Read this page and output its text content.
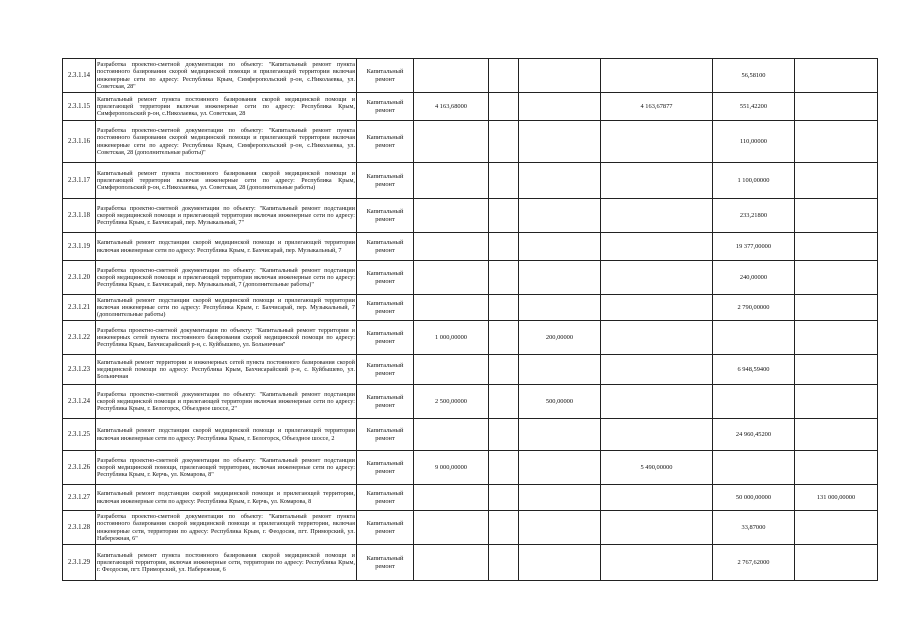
2.3.1.14	Разработка проектно-сметной документации по объекту: "Капитальный ремонт пункта постоянного базирования скорой медицинской помощи и прилегающей территории включая инженерные сети по адресу: Республика Крым, Симферопольский р-он, с.Николаевка, ул. Советская, 28"	Капитальный ремонт					56,58100	
2.3.1.15	Капитальный ремонт пункта постоянного базирования скорой медицинской помощи и прилегающей территории включая инженерные сети по адресу: Республика Крым, Симферопольский р-он, с.Николаевка, ул. Советская, 28	Капитальный ремонт	4 163,68000			4 163,67877	551,42200	
2.3.1.16	Разработка проектно-сметной документации по объекту: "Капитальный ремонт пункта постоянного базирования скорой медицинской помощи и прилегающей территории включая инженерные сети по адресу: Республика Крым, Симферопольский р-он, с.Николаевка, ул. Советская, 28 (дополнительные работы)"	Капитальный ремонт					110,00000	
2.3.1.17	Капитальный ремонт пункта постоянного базирования скорой медицинской помощи и прилегающей территории включая инженерные сети по адресу: Республика Крым, Симферопольский р-он, с.Николаевка, ул. Советская, 28 (дополнительные работы)	Капитальный ремонт					1 100,00000	
2.3.1.18	Разработка проектно-сметной документации по объекту: "Капитальный ремонт подстанции скорой медицинской помощи и прилегающей территории включая инженерные сети по адресу: Республика Крым, г. Бахчисарай, пер. Музыкальный, 7"	Капитальный ремонт					233,21800	
2.3.1.19	Капитальный ремонт подстанции скорой медицинской помощи и прилегающей территории включая инженерные сети по адресу: Республика Крым, г. Бахчисарай, пер. Музыкальный, 7	Капитальный ремонт					19 377,00000	
2.3.1.20	Разработка проектно-сметной документации по объекту: "Капитальный ремонт подстанции скорой медицинской помощи и прилегающей территории включая инженерные сети по адресу: Республика Крым, г. Бахчисарай, пер. Музыкальный, 7 (дополнительные работы)"	Капитальный ремонт					240,00000	
2.3.1.21	Капитальный ремонт подстанции скорой медицинской помощи и прилегающей территории включая инженерные сети по адресу: Республика Крым, г. Бахчисарай, пер. Музыкальный, 7 (дополнительные работы)	Капитальный ремонт					2 790,00000	
2.3.1.22	Разработка проектно-сметной документации по объекту: "Капитальный ремонт территории и инженерных сетей пункта постоянного базирования скорой медицинской помощи по адресу: Республика Крым, Бахчисарайский р-н, с. Куйбышево, ул. Больничная"	Капитальный ремонт	1 000,00000		200,00000			
2.3.1.23	Капитальный ремонт территории и инженерных сетей пункта постоянного базирования скорой медицинской помощи по адресу: Республика Крым, Бахчисарайский р-н, с. Куйбышево, ул. Больничная	Капитальный ремонт					6 948,59400	
2.3.1.24	Разработка проектно-сметной документации по объекту: "Капитальный ремонт подстанции скорой медицинской помощи и прилегающей территории включая инженерные сети по адресу: Республика Крым, г. Белогорск, Объездное шоссе, 2"	Капитальный ремонт	2 500,00000		500,00000			
2.3.1.25	Капитальный ремонт подстанции скорой медицинской помощи и прилегающей территории включая инженерные сети по адресу: Республика Крым, г. Белогорск, Объездное шоссе, 2	Капитальный ремонт					24 960,45200	
2.3.1.26	Разработка проектно-сметной документации по объекту: "Капитальный ремонт подстанции скорой медицинской помощи, прилегающей территории, включая инженерные сети по адресу: Республика Крым, г. Керчь, ул. Комарова, 8"	Капитальный ремонт	9 000,00000			5 490,00000		
2.3.1.27	Капитальный ремонт подстанции скорой медицинской помощи и прилегающей территории, включая инженерные сети по адресу: Республика Крым, г. Керчь, ул. Комарова, 8	Капитальный ремонт					50 000,00000	131 000,00000
2.3.1.28	Разработка проектно-сметной документации по объекту: "Капитальный ремонт пункта постоянного базирования скорой медицинской помощи и прилегающей территории, включая инженерные сети, территории по адресу: Республика Крым, г. Феодосия, пгт. Приморский, ул. Набережная, 6"	Капитальный ремонт					33,87000	
2.3.1.29	Капитальный ремонт пункта постоянного базирования скорой медицинской помощи и прилегающей территории, включая инженерные сети, территории по адресу: Республика Крым, г. Феодосия, пгт. Приморский, ул. Набережная, 6	Капитальный ремонт					2 767,62000	
